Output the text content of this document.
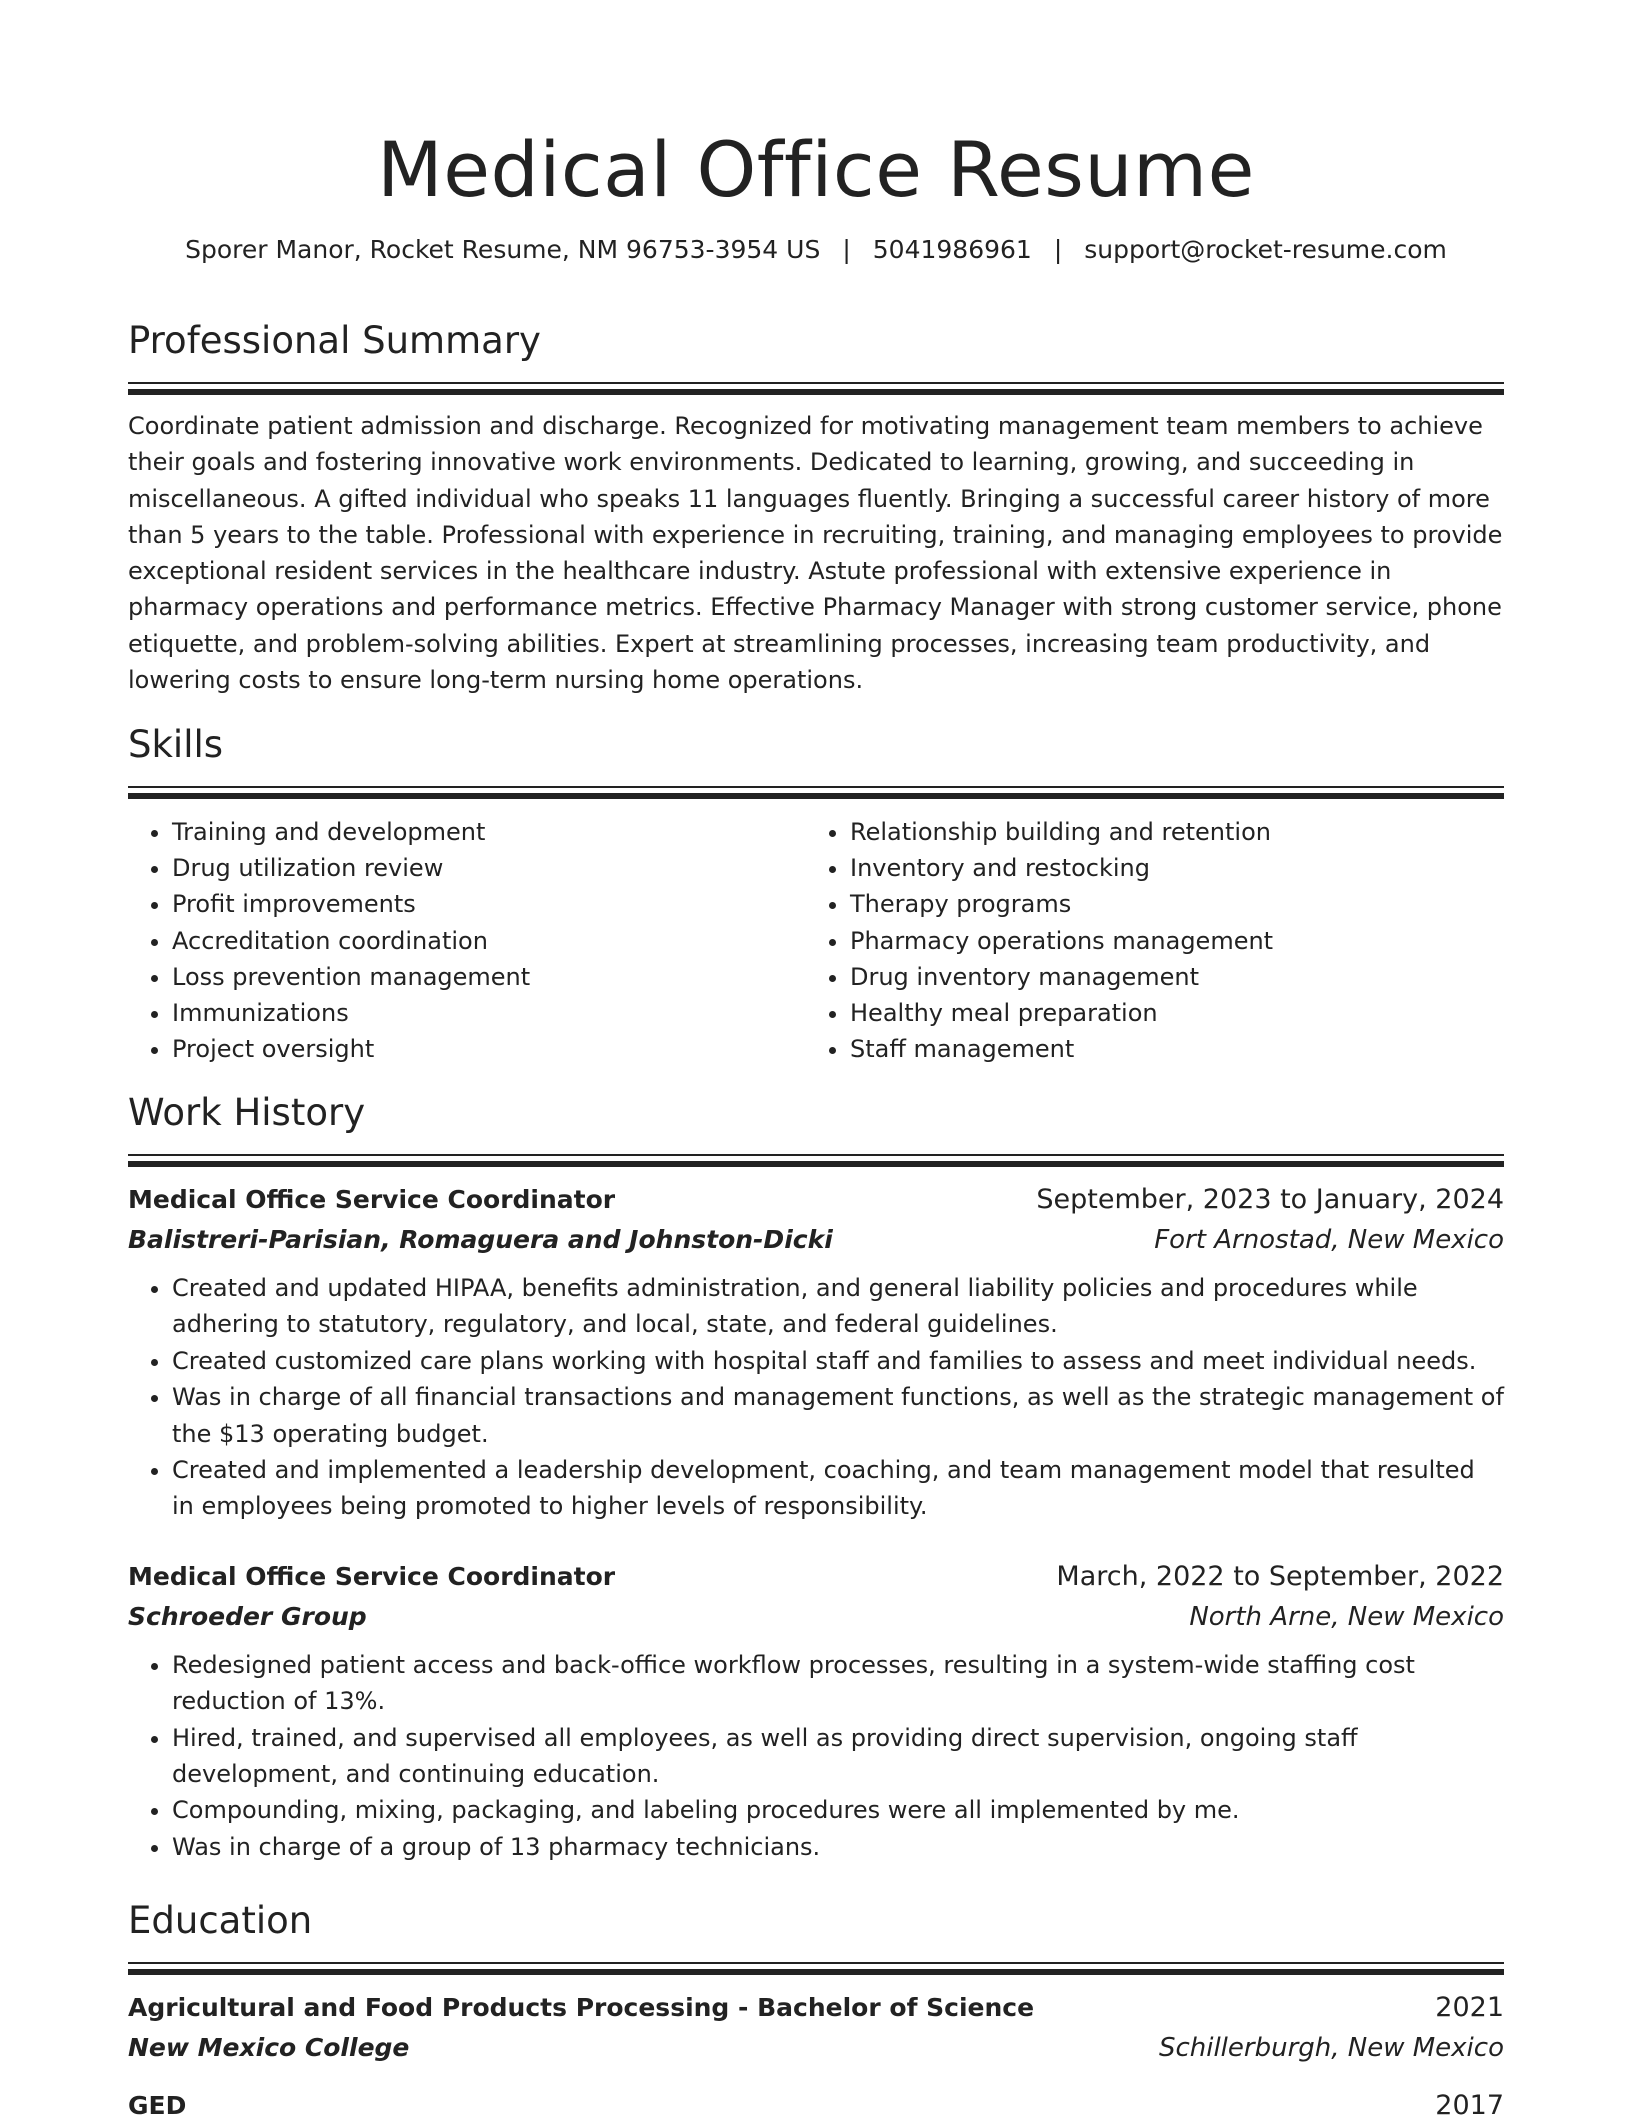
Medical Office Resume
Sporer Manor, Rocket Resume, NM 96753-3954 US | 5041986961 | support@rocket-resume.com
Professional Summary
Coordinate patient admission and discharge. Recognized for motivating management team members to achieve their goals and fostering innovative work environments. Dedicated to learning, growing, and succeeding in miscellaneous. A gifted individual who speaks 11 languages fluently. Bringing a successful career history of more than 5 years to the table. Professional with experience in recruiting, training, and managing employees to provide exceptional resident services in the healthcare industry. Astute professional with extensive experience in pharmacy operations and performance metrics. Effective Pharmacy Manager with strong customer service, phone etiquette, and problem-solving abilities. Expert at streamlining processes, increasing team productivity, and lowering costs to ensure long-term nursing home operations.
Skills
• Training and development
• Drug utilization review
• Profit improvements
• Accreditation coordination
• Loss prevention management
• Immunizations
• Project oversight
• Relationship building and retention
• Inventory and restocking
• Therapy programs
• Pharmacy operations management
• Drug inventory management
• Healthy meal preparation
• Staff management
Work History
Medical Office Service Coordinator	September, 2023 to January, 2024
Balistreri-Parisian, Romaguera and Johnston-Dicki	Fort Arnostad, New Mexico
• Created and updated HIPAA, benefits administration, and general liability policies and procedures while adhering to statutory, regulatory, and local, state, and federal guidelines.
• Created customized care plans working with hospital staff and families to assess and meet individual needs.
• Was in charge of all financial transactions and management functions, as well as the strategic management of the $13 operating budget.
• Created and implemented a leadership development, coaching, and team management model that resulted in employees being promoted to higher levels of responsibility.
Medical Office Service Coordinator	March, 2022 to September, 2022
Schroeder Group	North Arne, New Mexico
• Redesigned patient access and back-office workflow processes, resulting in a system-wide staffing cost reduction of 13%.
• Hired, trained, and supervised all employees, as well as providing direct supervision, ongoing staff development, and continuing education.
• Compounding, mixing, packaging, and labeling procedures were all implemented by me.
• Was in charge of a group of 13 pharmacy technicians.
Education
Agricultural and Food Products Processing - Bachelor of Science	2021
New Mexico College	Schillerburgh, New Mexico
GED	2017
